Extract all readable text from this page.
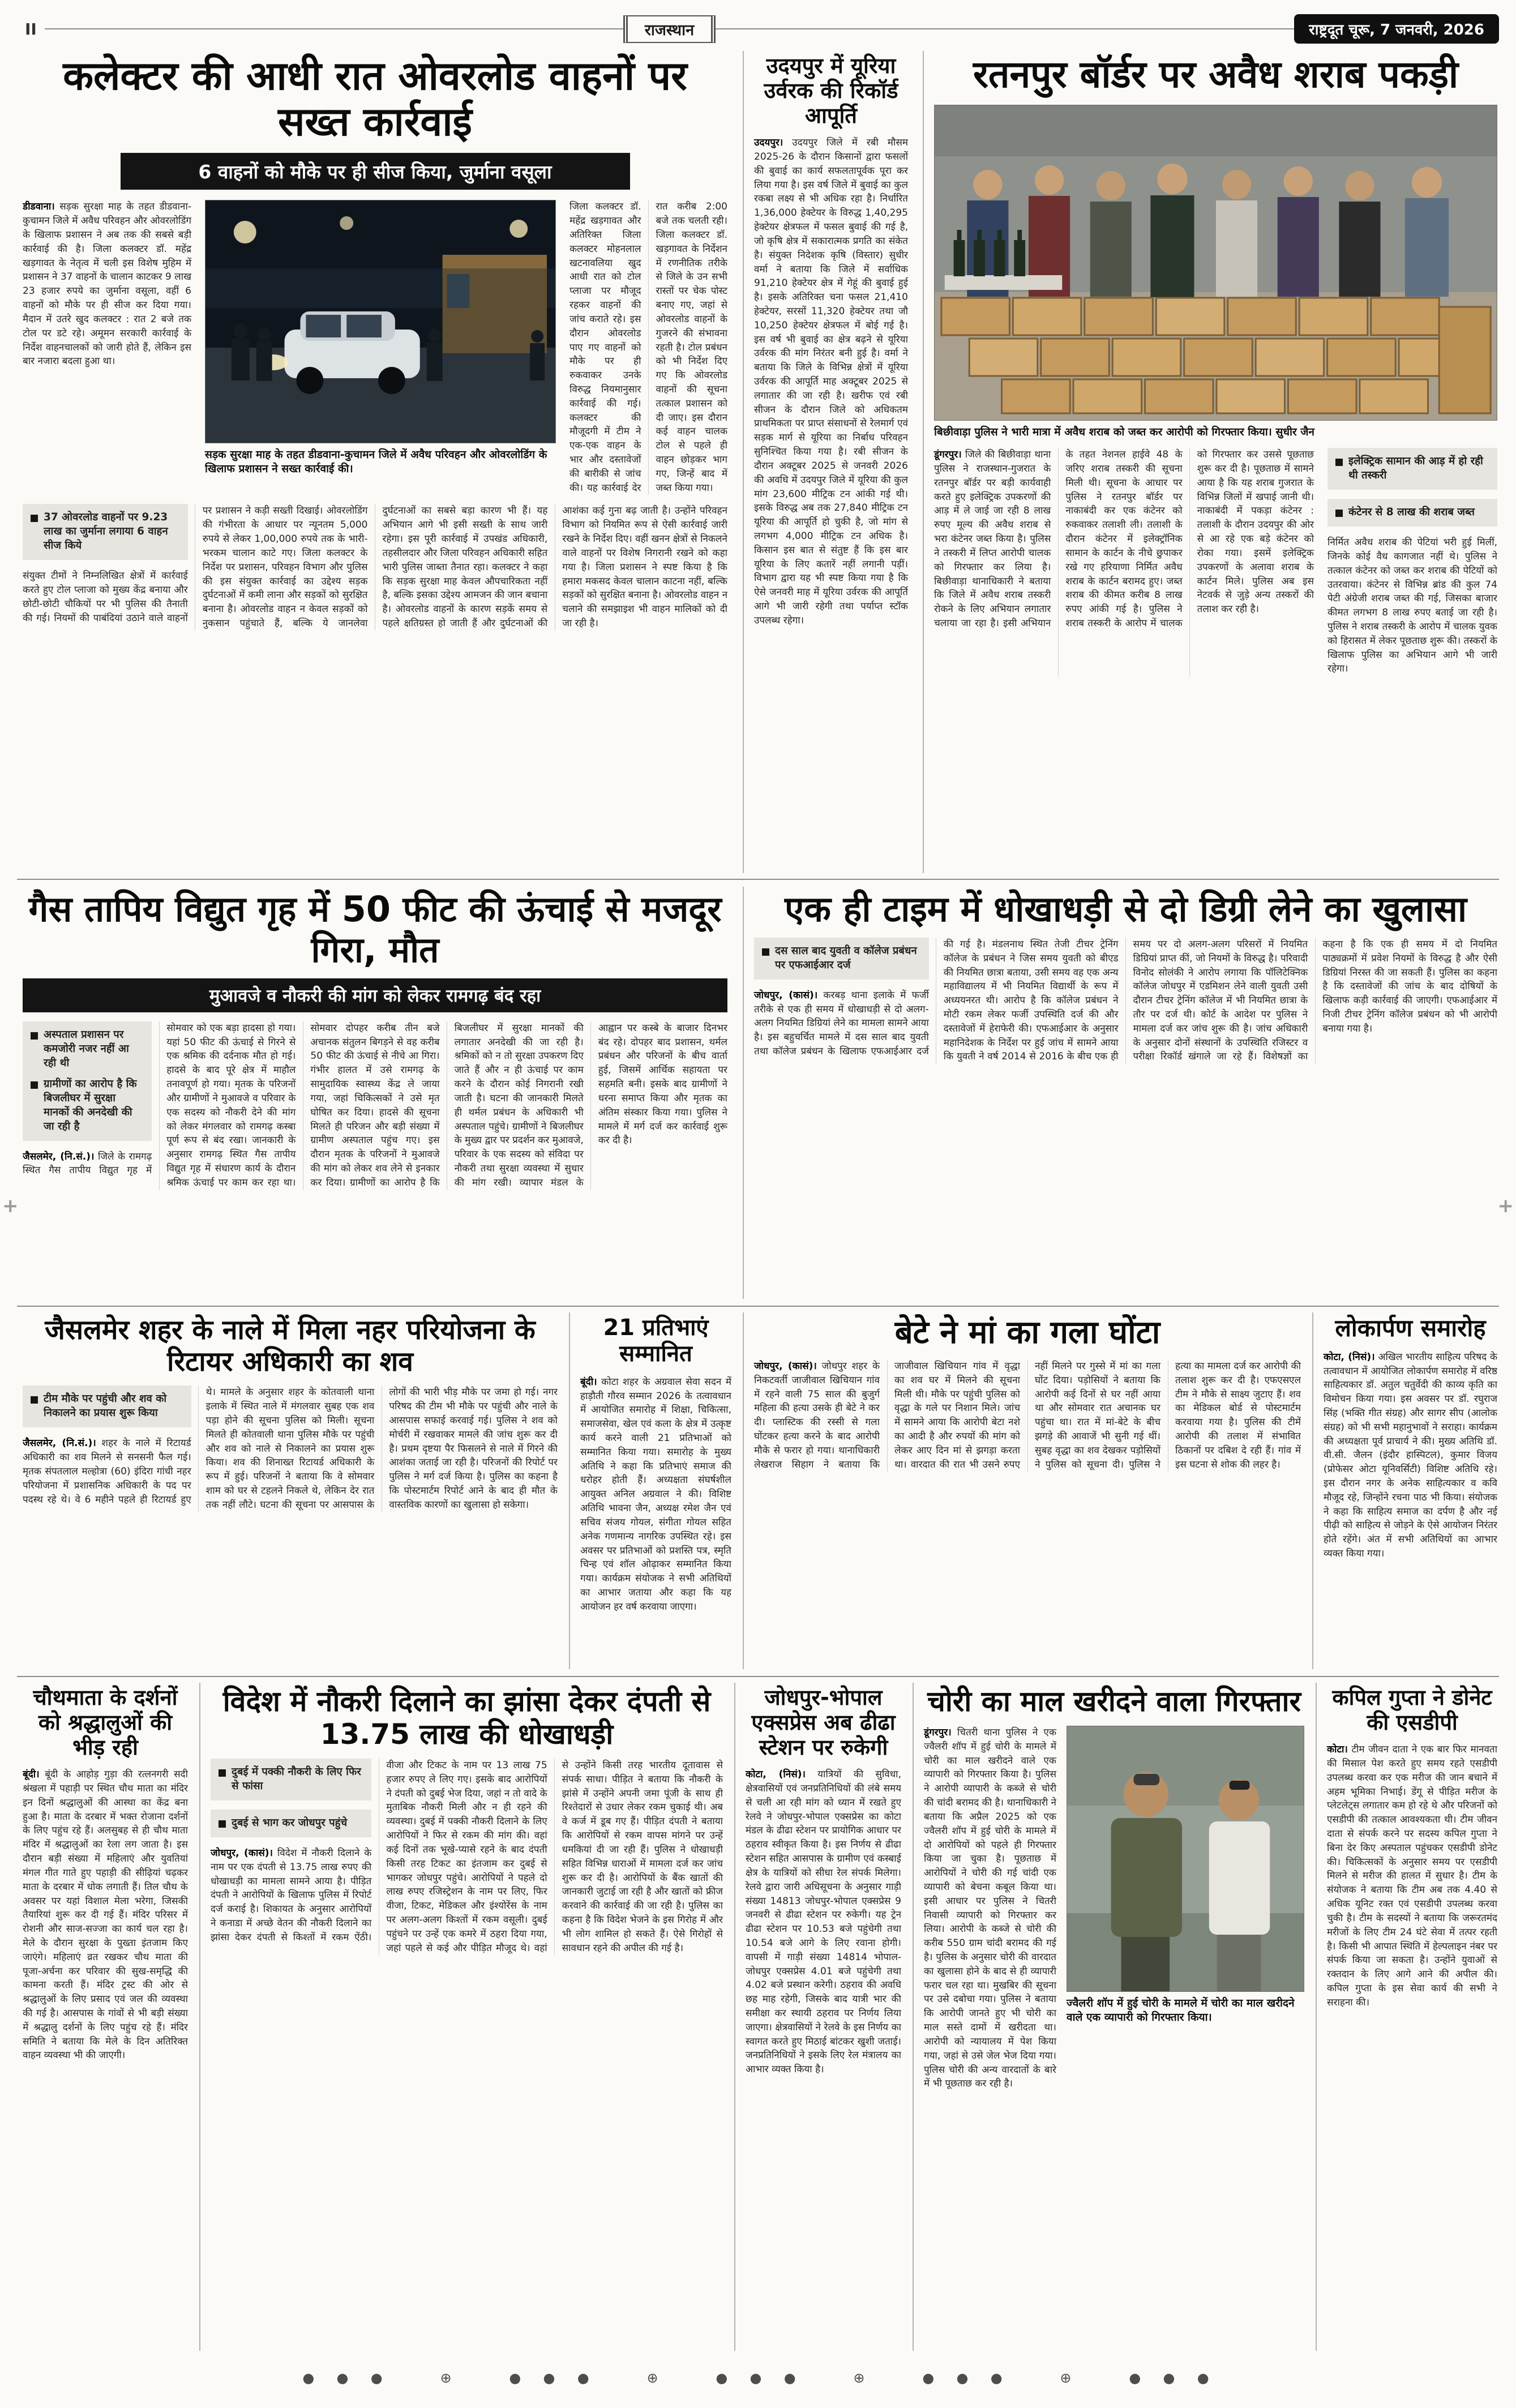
II	राजस्थान	राष्ट्रदूत चूरू, 7 जनवरी, 2026
+	+
कलेक्टर की आधी रात ओवरलोड वाहनों पर सख्त कार्रवाई
6 वाहनों को मौके पर ही सीज किया, जुर्माना वसूला
डीडवाना। सड़क सुरक्षा माह के तहत डीडवाना-कुचामन जिले में अवैध परिवहन और ओवरलोडिंग के खिलाफ प्रशासन ने अब तक की सबसे बड़ी कार्रवाई की है। जिला कलक्टर डॉ. महेंद्र खड़गावत के नेतृत्व में चली इस विशेष मुहिम में प्रशासन ने 37 वाहनों के चालान काटकर 9 लाख 23 हजार रुपये का जुर्माना वसूला, वहीं 6 वाहनों को मौके पर ही सीज कर दिया गया। मैदान में उतरे खुद कलक्टर : रात 2 बजे तक टोल पर डटे रहे। अमूमन सरकारी कार्रवाई के निर्देश वाहनचालकों को जारी होते हैं, लेकिन इस बार नजारा बदला हुआ था।
सड़क सुरक्षा माह के तहत डीडवाना-कुचामन जिले में अवैध परिवहन और ओवरलोडिंग के खिलाफ प्रशासन ने सख्त कार्रवाई की।
जिला कलक्टर डॉ. महेंद्र खड़गावत और अतिरिक्त जिला कलक्टर मोहनलाल खटनावलिया खुद आधी रात को टोल प्लाजा पर मौजूद रहकर वाहनों की जांच कराते रहे। इस दौरान ओवरलोड पाए गए वाहनों को मौके पर ही रुकवाकर उनके विरुद्ध नियमानुसार कार्रवाई की गई। कलक्टर की मौजूदगी में टीम ने एक-एक वाहन के भार और दस्तावेजों की बारीकी से जांच की। यह कार्रवाई देर रात करीब 2:00 बजे तक चलती रही। जिला कलक्टर डॉ. खड़गावत के निर्देशन में रणनीतिक तरीके से जिले के उन सभी रास्तों पर चेक पोस्ट बनाए गए, जहां से ओवरलोड वाहनों के गुजरने की संभावना रहती है। टोल प्रबंधन को भी निर्देश दिए गए कि ओवरलोड वाहनों की सूचना तत्काल प्रशासन को दी जाए। इस दौरान कई वाहन चालक टोल से पहले ही वाहन छोड़कर भाग गए, जिन्हें बाद में जब्त किया गया।
37 ओवरलोड वाहनों पर 9.23 लाख का जुर्माना लगाया 6 वाहन सीज किये
संयुक्त टीमों ने निम्नलिखित क्षेत्रों में कार्रवाई करते हुए टोल प्लाजा को मुख्य केंद्र बनाया और छोटी-छोटी चौकियों पर भी पुलिस की तैनाती की गई। नियमों की पाबंदियां उठाने वाले वाहनों पर प्रशासन ने कड़ी सख्ती दिखाई। ओवरलोडिंग की गंभीरता के आधार पर न्यूनतम 5,000 रुपये से लेकर 1,00,000 रुपये तक के भारी-भरकम चालान काटे गए। जिला कलक्टर के निर्देश पर प्रशासन, परिवहन विभाग और पुलिस की इस संयुक्त कार्रवाई का उद्देश्य सड़क दुर्घटनाओं में कमी लाना और सड़कों को सुरक्षित बनाना है। ओवरलोड वाहन न केवल सड़कों को नुकसान पहुंचाते हैं, बल्कि ये जानलेवा दुर्घटनाओं का सबसे बड़ा कारण भी हैं। यह अभियान आगे भी इसी सख्ती के साथ जारी रहेगा। इस पूरी कार्रवाई में उपखंड अधिकारी, तहसीलदार और जिला परिवहन अधिकारी सहित भारी पुलिस जाब्ता तैनात रहा। कलक्टर ने कहा कि सड़क सुरक्षा माह केवल औपचारिकता नहीं है, बल्कि इसका उद्देश्य आमजन की जान बचाना है। ओवरलोड वाहनों के कारण सड़कें समय से पहले क्षतिग्रस्त हो जाती हैं और दुर्घटनाओं की आशंका कई गुना बढ़ जाती है। उन्होंने परिवहन विभाग को नियमित रूप से ऐसी कार्रवाई जारी रखने के निर्देश दिए। वहीं खनन क्षेत्रों से निकलने वाले वाहनों पर विशेष निगरानी रखने को कहा गया है। जिला प्रशासन ने स्पष्ट किया है कि हमारा मकसद केवल चालान काटना नहीं, बल्कि सड़कों को सुरक्षित बनाना है। ओवरलोड वाहन न चलाने की समझाइश भी वाहन मालिकों को दी जा रही है।
उदयपुर में यूरिया उर्वरक की रिकॉर्ड आपूर्ति
उदयपुर। उदयपुर जिले में रबी मौसम 2025-26 के दौरान किसानों द्वारा फसलों की बुवाई का कार्य सफलतापूर्वक पूरा कर लिया गया है। इस वर्ष जिले में बुवाई का कुल रकबा लक्ष्य से भी अधिक रहा है। निर्धारित 1,36,000 हेक्टेयर के विरुद्ध 1,40,295 हेक्टेयर क्षेत्रफल में फसल बुवाई की गई है, जो कृषि क्षेत्र में सकारात्मक प्रगति का संकेत है। संयुक्त निदेशक कृषि (विस्तार) सुधीर वर्मा ने बताया कि जिले में सर्वाधिक 91,210 हेक्टेयर क्षेत्र में गेहूं की बुवाई हुई है। इसके अतिरिक्त चना फसल 21,410 हेक्टेयर, सरसों 11,320 हेक्टेयर तथा जौ 10,250 हेक्टेयर क्षेत्रफल में बोई गई है। इस वर्ष भी बुवाई का क्षेत्र बढ़ने से यूरिया उर्वरक की मांग निरंतर बनी हुई है। वर्मा ने बताया कि जिले के विभिन्न क्षेत्रों में यूरिया उर्वरक की आपूर्ति माह अक्टूबर 2025 से लगातार की जा रही है। खरीफ एवं रबी सीजन के दौरान जिले को अधिकतम प्राथमिकता पर प्राप्त संसाधनों से रेलमार्ग एवं सड़क मार्ग से यूरिया का निर्बाध परिवहन सुनिश्चित किया गया है। रबी सीजन के दौरान अक्टूबर 2025 से जनवरी 2026 की अवधि में उदयपुर जिले में यूरिया की कुल मांग 23,600 मीट्रिक टन आंकी गई थी। इसके विरुद्ध अब तक 27,840 मीट्रिक टन यूरिया की आपूर्ति हो चुकी है, जो मांग से लगभग 4,000 मीट्रिक टन अधिक है। किसान इस बात से संतुष्ट हैं कि इस बार यूरिया के लिए कतारें नहीं लगानी पड़ीं। विभाग द्वारा यह भी स्पष्ट किया गया है कि ऐसे जनवरी माह में यूरिया उर्वरक की आपूर्ति आगे भी जारी रहेगी तथा पर्याप्त स्टॉक उपलब्ध रहेगा।
रतनपुर बॉर्डर पर अवैध शराब पकड़ी
बिछीवाड़ा पुलिस ने भारी मात्रा में अवैध शराब को जब्त कर आरोपी को गिरफ्तार किया। सुधीर जैन
डूंगरपुर। जिले की बिछीवाड़ा थाना पुलिस ने राजस्थान-गुजरात के रतनपुर बॉर्डर पर बड़ी कार्यवाही करते हुए इलेक्ट्रिक उपकरणों की आड़ में ले जाई जा रही 8 लाख रुपए मूल्य की अवैध शराब से भरा कंटेनर जब्त किया है। पुलिस ने तस्करी में लिप्त आरोपी चालक को गिरफ्तार कर लिया है। बिछीवाड़ा थानाधिकारी ने बताया कि जिले में अवैध शराब तस्करी रोकने के लिए अभियान लगातार चलाया जा रहा है। इसी अभियान के तहत नेशनल हाईवे 48 के जरिए शराब तस्करी की सूचना मिली थी। सूचना के आधार पर पुलिस ने रतनपुर बॉर्डर पर नाकाबंदी कर एक कंटेनर को रुकवाकर तलाशी ली। तलाशी के दौरान कंटेनर में इलेक्ट्रॉनिक सामान के कार्टन के नीचे छुपाकर रखे गए हरियाणा निर्मित अवैध शराब के कार्टन बरामद हुए। जब्त शराब की कीमत करीब 8 लाख रुपए आंकी गई है। पुलिस ने शराब तस्करी के आरोप में चालक को गिरफ्तार कर उससे पूछताछ शुरू कर दी है। पूछताछ में सामने आया है कि यह शराब गुजरात के विभिन्न जिलों में खपाई जानी थी। नाकाबंदी में पकड़ा कंटेनर : तलाशी के दौरान उदयपुर की ओर से आ रहे एक बड़े कंटेनर को रोका गया। इसमें इलेक्ट्रिक उपकरणों के अलावा शराब के कार्टन मिले। पुलिस अब इस नेटवर्क से जुड़े अन्य तस्करों की तलाश कर रही है।
इलेक्ट्रिक सामान की आड़ में हो रही थी तस्करी
कंटेनर से 8 लाख की शराब जब्त
निर्मित अवैध शराब की पेटियां भरी हुई मिलीं, जिनके कोई वैध कागजात नहीं थे। पुलिस ने तत्काल कंटेनर को जब्त कर शराब की पेटियों को उतरवाया। कंटेनर से विभिन्न ब्रांड की कुल 74 पेटी अंग्रेजी शराब जब्त की गई, जिसका बाजार कीमत लगभग 8 लाख रुपए बताई जा रही है। पुलिस ने शराब तस्करी के आरोप में चालक युवक को हिरासत में लेकर पूछताछ शुरू की। तस्करों के खिलाफ पुलिस का अभियान आगे भी जारी रहेगा।
गैस तापिय विद्युत गृह में 50 फीट की ऊंचाई से मजदूर गिरा, मौत
मुआवजे व नौकरी की मांग को लेकर रामगढ़ बंद रहा
अस्पताल प्रशासन पर कमजोरी नजर नहीं आ रही थी
ग्रामीणों का आरोप है कि बिजलीघर में सुरक्षा मानकों की अनदेखी की जा रही है
जैसलमेर, (नि.सं.)। जिले के रामगढ़ स्थित गैस तापीय विद्युत गृह में सोमवार को एक बड़ा हादसा हो गया। यहां 50 फीट की ऊंचाई से गिरने से एक श्रमिक की दर्दनाक मौत हो गई। हादसे के बाद पूरे क्षेत्र में माहौल तनावपूर्ण हो गया। मृतक के परिजनों और ग्रामीणों ने मुआवजे व परिवार के एक सदस्य को नौकरी देने की मांग को लेकर मंगलवार को रामगढ़ कस्बा पूर्ण रूप से बंद रखा। जानकारी के अनुसार रामगढ़ स्थित गैस तापीय विद्युत गृह में संधारण कार्य के दौरान श्रमिक ऊंचाई पर काम कर रहा था। सोमवार दोपहर करीब तीन बजे अचानक संतुलन बिगड़ने से वह करीब 50 फीट की ऊंचाई से नीचे आ गिरा। गंभीर हालत में उसे रामगढ़ के सामुदायिक स्वास्थ्य केंद्र ले जाया गया, जहां चिकित्सकों ने उसे मृत घोषित कर दिया। हादसे की सूचना मिलते ही परिजन और बड़ी संख्या में ग्रामीण अस्पताल पहुंच गए। इस दौरान मृतक के परिजनों ने मुआवजे की मांग को लेकर शव लेने से इनकार कर दिया। ग्रामीणों का आरोप है कि बिजलीघर में सुरक्षा मानकों की लगातार अनदेखी की जा रही है। श्रमिकों को न तो सुरक्षा उपकरण दिए जाते हैं और न ही ऊंचाई पर काम करने के दौरान कोई निगरानी रखी जाती है। घटना की जानकारी मिलते ही थर्मल प्रबंधन के अधिकारी भी अस्पताल पहुंचे। ग्रामीणों ने बिजलीघर के मुख्य द्वार पर प्रदर्शन कर मुआवजे, परिवार के एक सदस्य को संविदा पर नौकरी तथा सुरक्षा व्यवस्था में सुधार की मांग रखी। व्यापार मंडल के आह्वान पर कस्बे के बाजार दिनभर बंद रहे। दोपहर बाद प्रशासन, थर्मल प्रबंधन और परिजनों के बीच वार्ता हुई, जिसमें आर्थिक सहायता पर सहमति बनी। इसके बाद ग्रामीणों ने धरना समाप्त किया और मृतक का अंतिम संस्कार किया गया। पुलिस ने मामले में मर्ग दर्ज कर कार्रवाई शुरू कर दी है।
एक ही टाइम में धोखाधड़ी से दो डिग्री लेने का खुलासा
दस साल बाद युवती व कॉलेज प्रबंधन पर एफआईआर दर्ज
जोधपुर, (कासं)। करबड़ थाना इलाके में फर्जी तरीके से एक ही समय में धोखाधड़ी से दो अलग-अलग नियमित डिग्रियां लेने का मामला सामने आया है। इस बहुचर्चित मामले में दस साल बाद युवती तथा कॉलेज प्रबंधन के खिलाफ एफआईआर दर्ज की गई है। मंडलनाथ स्थित तेजी टीचर ट्रेनिंग कॉलेज के प्रबंधन ने जिस समय युवती को बीएड की नियमित छात्रा बताया, उसी समय वह एक अन्य महाविद्यालय में भी नियमित विद्यार्थी के रूप में अध्ययनरत थी। आरोप है कि कॉलेज प्रबंधन ने मोटी रकम लेकर फर्जी उपस्थिति दर्ज की और दस्तावेजों में हेराफेरी की। एफआईआर के अनुसार महानिदेशक के निर्देश पर हुई जांच में सामने आया कि युवती ने वर्ष 2014 से 2016 के बीच एक ही समय पर दो अलग-अलग परिसरों में नियमित डिग्रियां प्राप्त कीं, जो नियमों के विरुद्ध है। परिवादी विनोद सोलंकी ने आरोप लगाया कि पॉलिटेक्निक कॉलेज जोधपुर में एडमिशन लेने वाली युवती उसी दौरान टीचर ट्रेनिंग कॉलेज में भी नियमित छात्रा के तौर पर दर्ज थी। कोर्ट के आदेश पर पुलिस ने मामला दर्ज कर जांच शुरू की है। जांच अधिकारी के अनुसार दोनों संस्थानों के उपस्थिति रजिस्टर व परीक्षा रिकॉर्ड खंगाले जा रहे हैं। विशेषज्ञों का कहना है कि एक ही समय में दो नियमित पाठ्यक्रमों में प्रवेश नियमों के विरुद्ध है और ऐसी डिग्रियां निरस्त की जा सकती हैं। पुलिस का कहना है कि दस्तावेजों की जांच के बाद दोषियों के खिलाफ कड़ी कार्रवाई की जाएगी। एफआईआर में निजी टीचर ट्रेनिंग कॉलेज प्रबंधन को भी आरोपी बनाया गया है।
जैसलमेर शहर के नाले में मिला नहर परियोजना के रिटायर अधिकारी का शव
टीम मौके पर पहुंची और शव को निकालने का प्रयास शुरू किया
जैसलमेर, (नि.सं.)। शहर के नाले में रिटायर्ड अधिकारी का शव मिलने से सनसनी फैल गई। मृतक संपतलाल मल्होत्रा (60) इंदिरा गांधी नहर परियोजना में प्रशासनिक अधिकारी के पद पर पदस्थ रहे थे। वे 6 महीने पहले ही रिटायर्ड हुए थे। मामले के अनुसार शहर के कोतवाली थाना इलाके में स्थित नाले में मंगलवार सुबह एक शव पड़ा होने की सूचना पुलिस को मिली। सूचना मिलते ही कोतवाली थाना पुलिस मौके पर पहुंची और शव को नाले से निकालने का प्रयास शुरू किया। शव की शिनाख्त रिटायर्ड अधिकारी के रूप में हुई। परिजनों ने बताया कि वे सोमवार शाम को घर से टहलने निकले थे, लेकिन देर रात तक नहीं लौटे। घटना की सूचना पर आसपास के लोगों की भारी भीड़ मौके पर जमा हो गई। नगर परिषद की टीम भी मौके पर पहुंची और नाले के आसपास सफाई करवाई गई। पुलिस ने शव को मोर्चरी में रखवाकर मामले की जांच शुरू कर दी है। प्रथम दृष्टया पैर फिसलने से नाले में गिरने की आशंका जताई जा रही है। परिजनों की रिपोर्ट पर पुलिस ने मर्ग दर्ज किया है। पुलिस का कहना है कि पोस्टमार्टम रिपोर्ट आने के बाद ही मौत के वास्तविक कारणों का खुलासा हो सकेगा।
21 प्रतिभाएं सम्मानित
बूंदी। कोटा शहर के अग्रवाल सेवा सदन में हाड़ौती गौरव सम्मान 2026 के तत्वावधान में आयोजित समारोह में शिक्षा, चिकित्सा, समाजसेवा, खेल एवं कला के क्षेत्र में उत्कृष्ट कार्य करने वाली 21 प्रतिभाओं को सम्मानित किया गया। समारोह के मुख्य अतिथि ने कहा कि प्रतिभाएं समाज की धरोहर होती हैं। अध्यक्षता संघर्षशील आयुक्त अनिल अग्रवाल ने की। विशिष्ट अतिथि भावना जैन, अध्यक्ष रमेश जैन एवं सचिव संजय गोयल, संगीता गोयल सहित अनेक गणमान्य नागरिक उपस्थित रहे। इस अवसर पर प्रतिभाओं को प्रशस्ति पत्र, स्मृति चिन्ह एवं शॉल ओढ़ाकर सम्मानित किया गया। कार्यक्रम संयोजक ने सभी अतिथियों का आभार जताया और कहा कि यह आयोजन हर वर्ष करवाया जाएगा।
बेटे ने मां का गला घोंटा
जोधपुर, (कासं)। जोधपुर शहर के निकटवर्ती जाजीवाल खिचियान गांव में रहने वाली 75 साल की बुजुर्ग महिला की हत्या उसके ही बेटे ने कर दी। प्लास्टिक की रस्सी से गला घोंटकर हत्या करने के बाद आरोपी मौके से फरार हो गया। थानाधिकारी लेखराज सिहाग ने बताया कि जाजीवाल खिचियान गांव में वृद्धा का शव घर में मिलने की सूचना मिली थी। मौके पर पहुंची पुलिस को वृद्धा के गले पर निशान मिले। जांच में सामने आया कि आरोपी बेटा नशे का आदी है और रुपयों की मांग को लेकर आए दिन मां से झगड़ा करता था। वारदात की रात भी उसने रुपए नहीं मिलने पर गुस्से में मां का गला घोंट दिया। पड़ोसियों ने बताया कि आरोपी कई दिनों से घर नहीं आया था और सोमवार रात अचानक घर पहुंचा था। रात में मां-बेटे के बीच झगड़े की आवाजें भी सुनी गई थीं। सुबह वृद्धा का शव देखकर पड़ोसियों ने पुलिस को सूचना दी। पुलिस ने हत्या का मामला दर्ज कर आरोपी की तलाश शुरू कर दी है। एफएसएल टीम ने मौके से साक्ष्य जुटाए हैं। शव का मेडिकल बोर्ड से पोस्टमार्टम करवाया गया है। पुलिस की टीमें आरोपी की तलाश में संभावित ठिकानों पर दबिश दे रही हैं। गांव में इस घटना से शोक की लहर है।
लोकार्पण समारोह
कोटा, (निसं)। अखिल भारतीय साहित्य परिषद के तत्वावधान में आयोजित लोकार्पण समारोह में वरिष्ठ साहित्यकार डॉ. अतुल चतुर्वेदी की काव्य कृति का विमोचन किया गया। इस अवसर पर डॉ. रघुराज सिंह (भक्ति गीत संग्रह) और सागर सीप (आलोक संग्रह) को भी सभी महानुभावों ने सराहा। कार्यक्रम की अध्यक्षता पूर्व प्राचार्य ने की। मुख्य अतिथि डॉ. वी.सी. जैलन (इंदौर हास्पिटल), कुमार विजय (प्रोफेसर ओटा यूनिवर्सिटी) विशिष्ट अतिथि रहे। इस दौरान नगर के अनेक साहित्यकार व कवि मौजूद रहे, जिन्होंने रचना पाठ भी किया। संयोजक ने कहा कि साहित्य समाज का दर्पण है और नई पीढ़ी को साहित्य से जोड़ने के ऐसे आयोजन निरंतर होते रहेंगे। अंत में सभी अतिथियों का आभार व्यक्त किया गया।
चौथमाता के दर्शनों को श्रद्धालुओं की भीड़ रही
बूंदी। बूंदी के आहोड़ गुड़ा की रत्लनगरी सदी श्रंखला में पहाड़ी पर स्थित चौथ माता का मंदिर इन दिनों श्रद्धालुओं की आस्था का केंद्र बना हुआ है। माता के दरबार में भक्त रोजाना दर्शनों के लिए पहुंच रहे हैं। अलसुबह से ही चौथ माता मंदिर में श्रद्धालुओं का रेला लग जाता है। इस दौरान बड़ी संख्या में महिलाएं और युवतियां मंगल गीत गाते हुए पहाड़ी की सीढ़ियां चढ़कर माता के दरबार में धोक लगाती हैं। तिल चौथ के अवसर पर यहां विशाल मेला भरेगा, जिसकी तैयारियां शुरू कर दी गई हैं। मंदिर परिसर में रोशनी और साज-सज्जा का कार्य चल रहा है। मेले के दौरान सुरक्षा के पुख्ता इंतजाम किए जाएंगे। महिलाएं व्रत रखकर चौथ माता की पूजा-अर्चना कर परिवार की सुख-समृद्धि की कामना करती हैं। मंदिर ट्रस्ट की ओर से श्रद्धालुओं के लिए प्रसाद एवं जल की व्यवस्था की गई है। आसपास के गांवों से भी बड़ी संख्या में श्रद्धालु दर्शनों के लिए पहुंच रहे हैं। मंदिर समिति ने बताया कि मेले के दिन अतिरिक्त वाहन व्यवस्था भी की जाएगी।
विदेश में नौकरी दिलाने का झांसा देकर दंपती से 13.75 लाख की धोखाधड़ी
दुबई में पक्की नौकरी के लिए फिर से फांसा
दुबई से भाग कर जोधपुर पहुंचे
जोधपुर, (कासं)। विदेश में नौकरी दिलाने के नाम पर एक दंपती से 13.75 लाख रुपए की धोखाधड़ी का मामला सामने आया है। पीड़ित दंपती ने आरोपियों के खिलाफ पुलिस में रिपोर्ट दर्ज कराई है। शिकायत के अनुसार आरोपियों ने कनाडा में अच्छे वेतन की नौकरी दिलाने का झांसा देकर दंपती से किश्तों में रकम ऐंठी। वीजा और टिकट के नाम पर 13 लाख 75 हजार रुपए ले लिए गए। इसके बाद आरोपियों ने दंपती को दुबई भेज दिया, जहां न तो वादे के मुताबिक नौकरी मिली और न ही रहने की व्यवस्था। दुबई में पक्की नौकरी दिलाने के लिए आरोपियों ने फिर से रकम की मांग की। वहां कई दिनों तक भूखे-प्यासे रहने के बाद दंपती किसी तरह टिकट का इंतजाम कर दुबई से भागकर जोधपुर पहुंचे। आरोपियों ने पहले दो लाख रुपए रजिस्ट्रेशन के नाम पर लिए, फिर वीजा, टिकट, मेडिकल और इंश्योरेंस के नाम पर अलग-अलग किश्तों में रकम वसूली। दुबई पहुंचने पर उन्हें एक कमरे में ठहरा दिया गया, जहां पहले से कई और पीड़ित मौजूद थे। वहां से उन्होंने किसी तरह भारतीय दूतावास से संपर्क साधा। पीड़ित ने बताया कि नौकरी के झांसे में उन्होंने अपनी जमा पूंजी के साथ ही रिश्तेदारों से उधार लेकर रकम चुकाई थी। अब वे कर्ज में डूब गए हैं। पीड़ित दंपती ने बताया कि आरोपियों से रकम वापस मांगने पर उन्हें धमकियां दी जा रही हैं। पुलिस ने धोखाधड़ी सहित विभिन्न धाराओं में मामला दर्ज कर जांच शुरू कर दी है। आरोपियों के बैंक खातों की जानकारी जुटाई जा रही है और खातों को फ्रीज करवाने की कार्रवाई की जा रही है। पुलिस का कहना है कि विदेश भेजने के इस गिरोह में और भी लोग शामिल हो सकते हैं। ऐसे गिरोहों से सावधान रहने की अपील की गई है।
जोधपुर-भोपाल एक्सप्रेस अब ढीढा स्टेशन पर रुकेगी
कोटा, (निसं)। यात्रियों की सुविधा, क्षेत्रवासियों एवं जनप्रतिनिधियों की लंबे समय से चली आ रही मांग को ध्यान में रखते हुए रेलवे ने जोधपुर-भोपाल एक्सप्रेस का कोटा मंडल के ढीढा स्टेशन पर प्रायोगिक आधार पर ठहराव स्वीकृत किया है। इस निर्णय से ढीढा स्टेशन सहित आसपास के ग्रामीण एवं कस्बाई क्षेत्र के यात्रियों को सीधा रेल संपर्क मिलेगा। रेलवे द्वारा जारी अधिसूचना के अनुसार गाड़ी संख्या 14813 जोधपुर-भोपाल एक्सप्रेस 9 जनवरी से ढीढा स्टेशन पर रुकेगी। यह ट्रेन ढीढा स्टेशन पर 10.53 बजे पहुंचेगी तथा 10.54 बजे आगे के लिए रवाना होगी। वापसी में गाड़ी संख्या 14814 भोपाल-जोधपुर एक्सप्रेस 4.01 बजे पहुंचेगी तथा 4.02 बजे प्रस्थान करेगी। ठहराव की अवधि छह माह रहेगी, जिसके बाद यात्री भार की समीक्षा कर स्थायी ठहराव पर निर्णय लिया जाएगा। क्षेत्रवासियों ने रेलवे के इस निर्णय का स्वागत करते हुए मिठाई बांटकर खुशी जताई। जनप्रतिनिधियों ने इसके लिए रेल मंत्रालय का आभार व्यक्त किया है।
चोरी का माल खरीदने वाला गिरफ्तार
डूंगरपुर। चितरी थाना पुलिस ने एक ज्वैलरी शॉप में हुई चोरी के मामले में चोरी का माल खरीदने वाले एक व्यापारी को गिरफ्तार किया है। पुलिस ने आरोपी व्यापारी के कब्जे से चोरी की चांदी बरामद की है। थानाधिकारी ने बताया कि अप्रैल 2025 को एक ज्वैलरी शॉप में हुई चोरी के मामले में दो आरोपियों को पहले ही गिरफ्तार किया जा चुका है। पूछताछ में आरोपियों ने चोरी की गई चांदी एक व्यापारी को बेचना कबूल किया था। इसी आधार पर पुलिस ने चितरी निवासी व्यापारी को गिरफ्तार कर लिया। आरोपी के कब्जे से चोरी की करीब 550 ग्राम चांदी बरामद की गई है। पुलिस के अनुसार चोरी की वारदात का खुलासा होने के बाद से ही व्यापारी फरार चल रहा था। मुखबिर की सूचना पर उसे दबोचा गया। पुलिस ने बताया कि आरोपी जानते हुए भी चोरी का माल सस्ते दामों में खरीदता था। आरोपी को न्यायालय में पेश किया गया, जहां से उसे जेल भेज दिया गया। पुलिस चोरी की अन्य वारदातों के बारे में भी पूछताछ कर रही है।
ज्वैलरी शॉप में हुई चोरी के मामले में चोरी का माल खरीदने वाले एक व्यापारी को गिरफ्तार किया।
कपिल गुप्ता ने डोनेट की एसडीपी
कोटा। टीम जीवन दाता ने एक बार फिर मानवता की मिसाल पेश करते हुए समय रहते एसडीपी उपलब्ध करवा कर एक मरीज की जान बचाने में अहम भूमिका निभाई। डेंगू से पीड़ित मरीज के प्लेटलेट्स लगातार कम हो रहे थे और परिजनों को एसडीपी की तत्काल आवश्यकता थी। टीम जीवन दाता से संपर्क करने पर सदस्य कपिल गुप्ता ने बिना देर किए अस्पताल पहुंचकर एसडीपी डोनेट की। चिकित्सकों के अनुसार समय पर एसडीपी मिलने से मरीज की हालत में सुधार है। टीम के संयोजक ने बताया कि टीम अब तक 4.40 से अधिक यूनिट रक्त एवं एसडीपी उपलब्ध करवा चुकी है। टीम के सदस्यों ने बताया कि जरूरतमंद मरीजों के लिए टीम 24 घंटे सेवा में तत्पर रहती है। किसी भी आपात स्थिति में हेल्पलाइन नंबर पर संपर्क किया जा सकता है। उन्होंने युवाओं से रक्तदान के लिए आगे आने की अपील की। कपिल गुप्ता के इस सेवा कार्य की सभी ने सराहना की।
●  ●  ●      ⊕      ●  ●  ●      ⊕      ●  ●  ●      ⊕      ●  ●  ●      ⊕      ●  ●  ●
